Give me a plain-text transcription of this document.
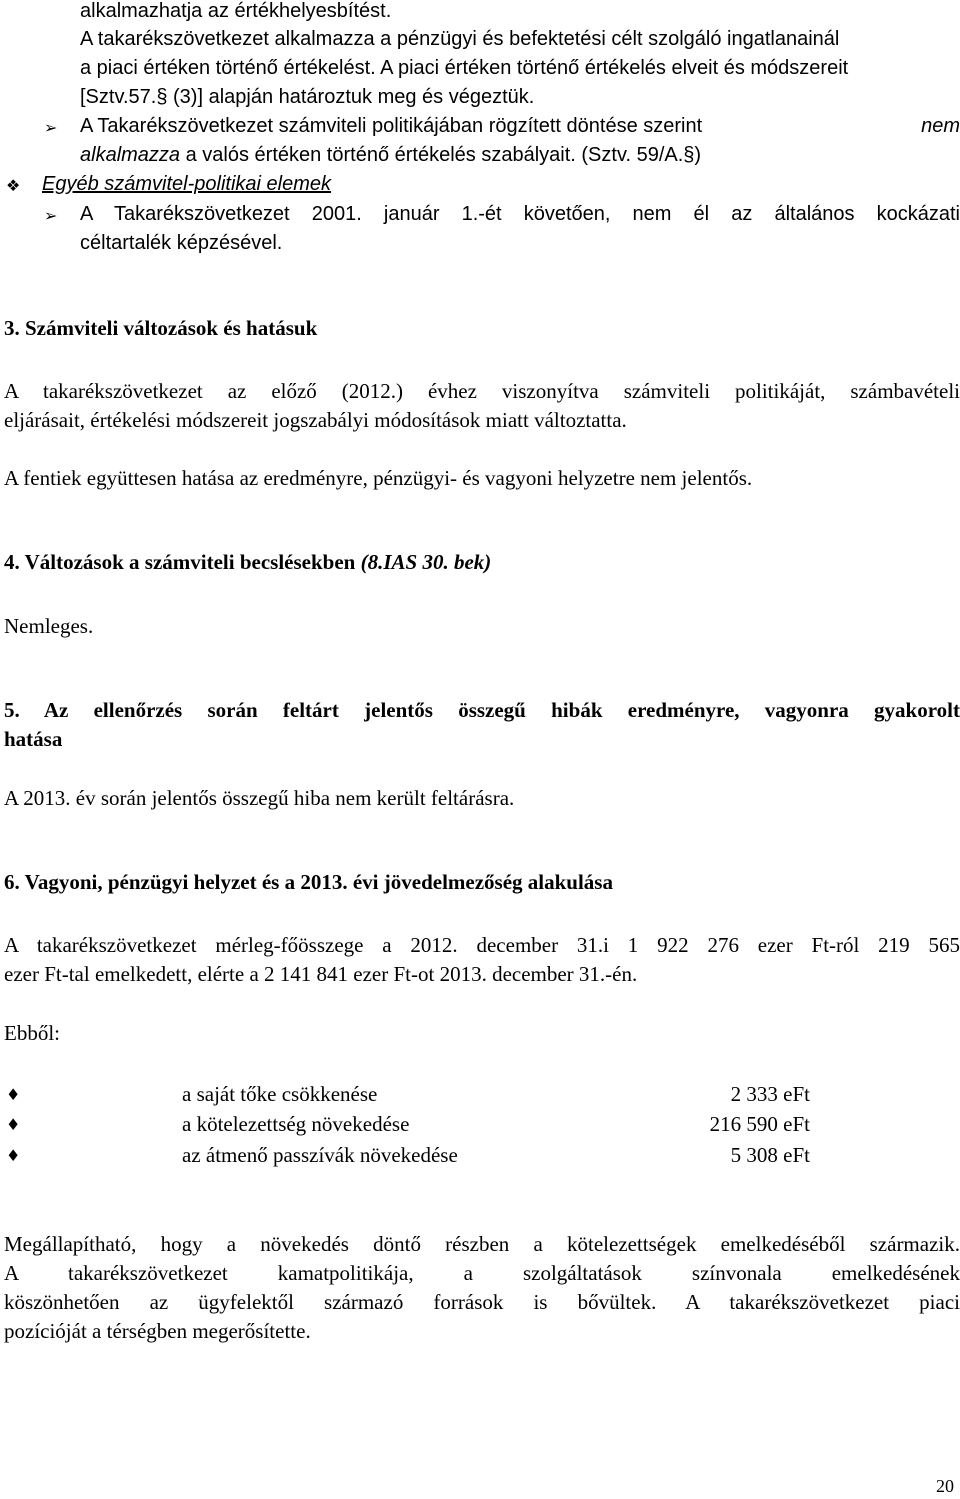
alkalmazhatja az értékhelyesbítést.
A takarékszövetkezet alkalmazza a pénzügyi és befektetési célt szolgáló ingatlanainál
a piaci értéken történő értékelést. A piaci értéken történő értékelés elveit és módszereit
[Sztv.57.§ (3)] alapján határoztuk meg és végeztük.
➢ A Takarékszövetkezet számviteli politikájában rögzített döntése szerint	nem
alkalmazza a valós értéken történő értékelés szabályait. (Sztv. 59/A.§)
❖ Egyéb számvitel-politikai elemek
➢ A Takarékszövetkezet 2001. január 1.-ét követően, nem él az általános kockázati
céltartalék képzésével.
3. Számviteli változások és hatásuk
A takarékszövetkezet az előző (2012.) évhez viszonyítva számviteli politikáját, számbavételi
eljárásait, értékelési módszereit jogszabályi módosítások miatt változtatta.
A fentiek együttesen hatása az eredményre, pénzügyi- és vagyoni helyzetre nem jelentős.
4. Változások a számviteli becslésekben (8.IAS 30. bek)
Nemleges.
5. Az ellenőrzés során feltárt jelentős összegű hibák eredményre, vagyonra gyakorolt
hatása
A 2013. év során jelentős összegű hiba nem került feltárásra.
6. Vagyoni, pénzügyi helyzet és a 2013. évi jövedelmezőség alakulása
A takarékszövetkezet mérleg-főösszege a 2012. december 31.i 1 922 276 ezer Ft-ról 219 565
ezer Ft-tal emelkedett, elérte a 2 141 841 ezer Ft-ot 2013. december 31.-én.
Ebből:
♦	a saját tőke csökkenése	2 333 eFt
♦	a kötelezettség növekedése	216 590 eFt
♦	az átmenő passzívák növekedése	5 308 eFt
Megállapítható, hogy a növekedés döntő részben a kötelezettségek emelkedéséből származik.
A takarékszövetkezet kamatpolitikája, a szolgáltatások színvonala emelkedésének
köszönhetően az ügyfelektől származó források is bővültek. A takarékszövetkezet piaci
pozícióját a térségben megerősítette.
20
